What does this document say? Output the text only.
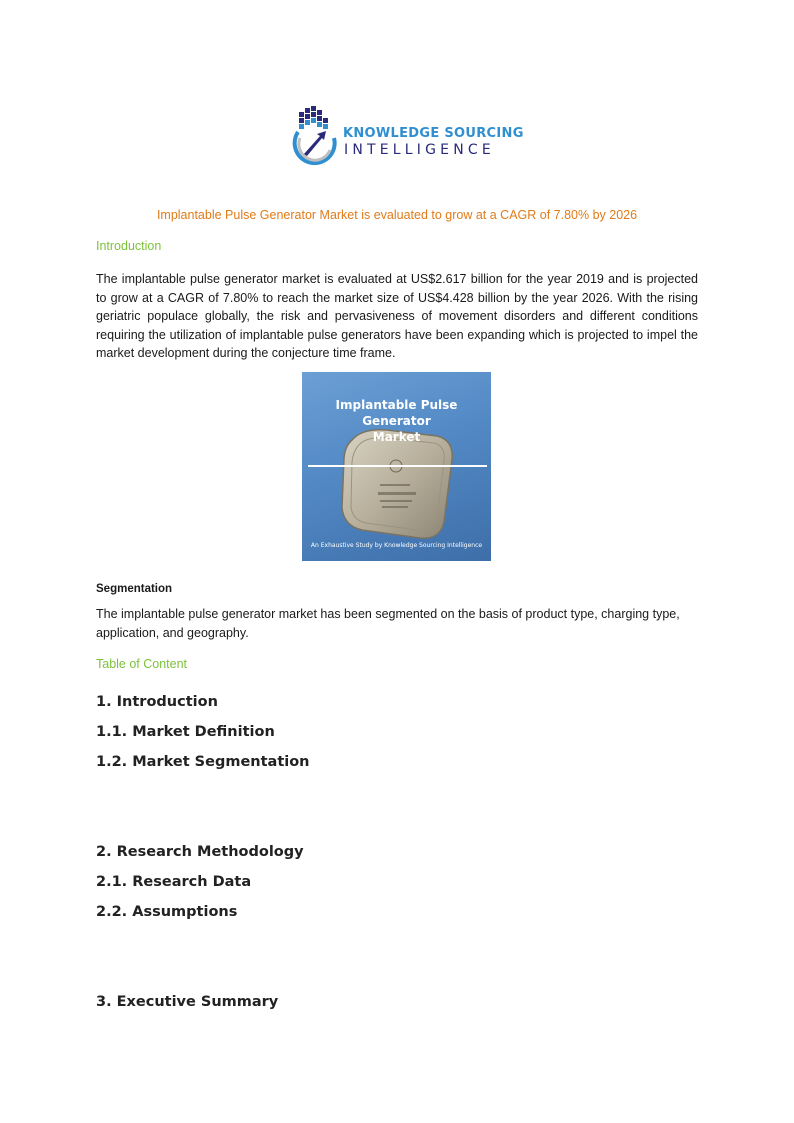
KNOWLEDGE SOURCING
INTELLIGENCE
Implantable Pulse Generator Market is evaluated to grow at a CAGR of 7.80% by 2026
Introduction
The implantable pulse generator market is evaluated at US$2.617 billion for the year 2019 and is projected to grow at a CAGR of 7.80% to reach the market size of US$4.428 billion by the year 2026. With the rising geriatric populace globally, the risk and pervasiveness of movement disorders and different conditions requiring the utilization of implantable pulse generators have been expanding which is projected to impel the market development during the conjecture time frame.
Implantable Pulse Generator
Market
An Exhaustive Study by Knowledge Sourcing Intelligence
Segmentation
The implantable pulse generator market has been segmented on the basis of product type, charging type, application, and geography.
Table of Content
1. Introduction
1.1. Market Definition
1.2. Market Segmentation
2. Research Methodology
2.1. Research Data
2.2. Assumptions
3. Executive Summary
